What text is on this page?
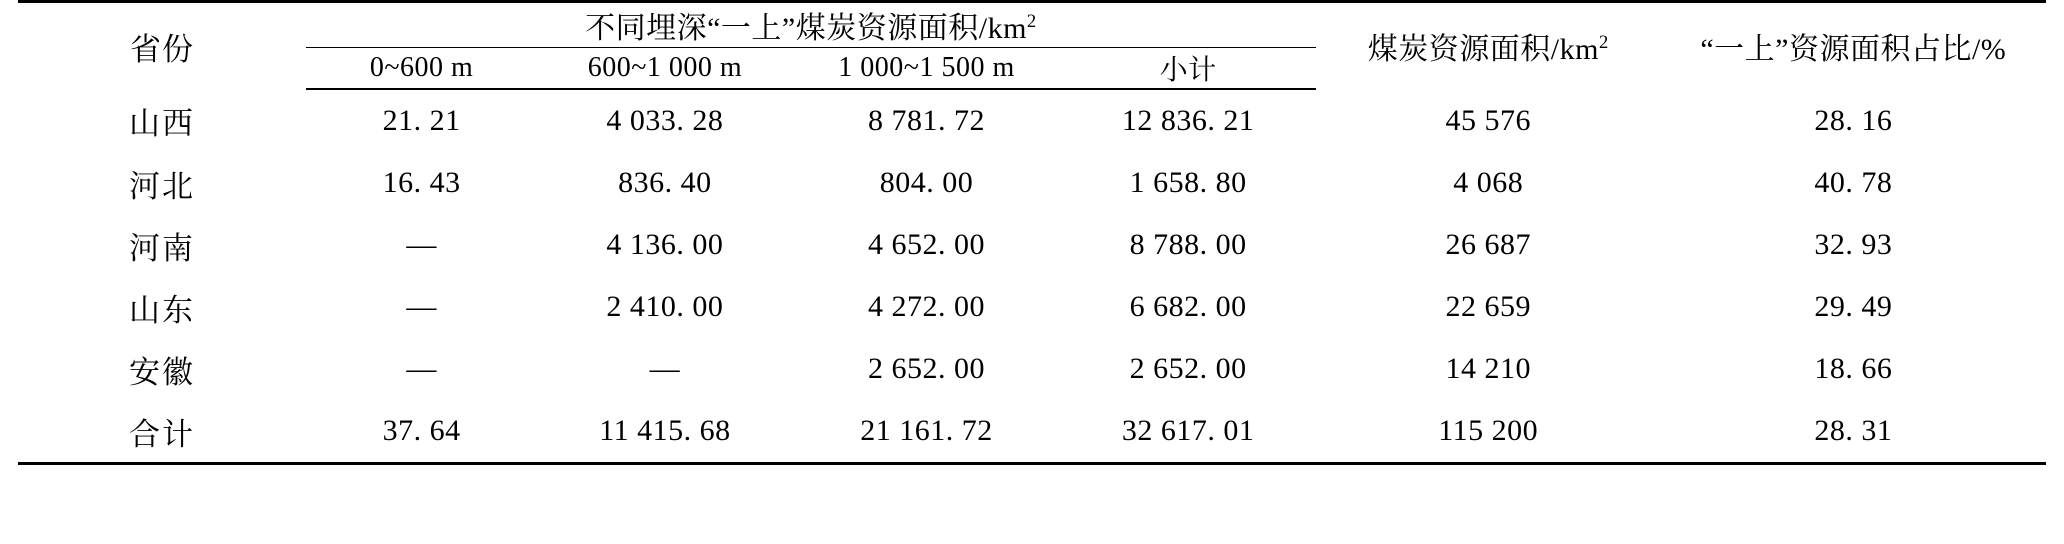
省份	不同埋深“一上”煤炭资源面积$/km^2$				煤炭资源面积$/km^2$	“一上”资源面积占比/%
	0~600 m	600~1 000 m	1 000~1 500 m	小计		
山西	21. 21	4 033. 28	8 781. 72	12 836. 21	45 576	28. 16
河北	16. 43	836. 40	804. 00	1 658. 80	4 068	40. 78
河南	—	4 136. 00	4 652. 00	8 788. 00	26 687	32. 93
山东	—	2 410. 00	4 272. 00	6 682. 00	22 659	29. 49
安徽	—	—	2 652. 00	2 652. 00	14 210	18. 66
合计	37. 64	11 415. 68	21 161. 72	32 617. 01	115 200	28. 31
